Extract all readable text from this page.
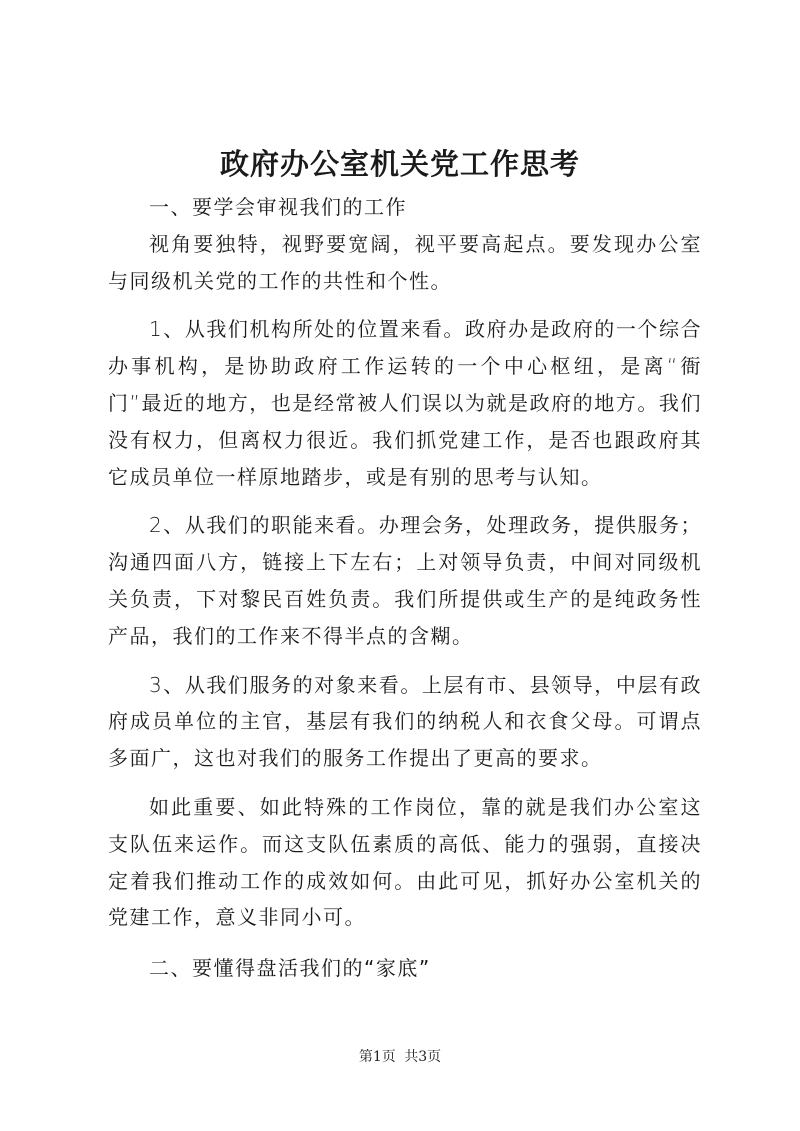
政府办公室机关党工作思考

一、要学会审视我们的工作

视角要独特，视野要宽阔，视平要高起点。要发现办公室与同级机关党的工作的共性和个性。

1、从我们机构所处的位置来看。政府办是政府的一个综合办事机构，是协助政府工作运转的一个中心枢纽，是离“衙门”最近的地方，也是经常被人们误以为就是政府的地方。我们没有权力，但离权力很近。我们抓党建工作，是否也跟政府其它成员单位一样原地踏步，或是有别的思考与认知。

2、从我们的职能来看。办理会务，处理政务，提供服务；沟通四面八方，链接上下左右；上对领导负责，中间对同级机关负责，下对黎民百姓负责。我们所提供或生产的是纯政务性产品，我们的工作来不得半点的含糊。

3、从我们服务的对象来看。上层有市、县领导，中层有政府成员单位的主官，基层有我们的纳税人和衣食父母。可谓点多面广，这也对我们的服务工作提出了更高的要求。

如此重要、如此特殊的工作岗位，靠的就是我们办公室这支队伍来运作。而这支队伍素质的高低、能力的强弱，直接决定着我们推动工作的成效如何。由此可见，抓好办公室机关的党建工作，意义非同小可。

二、要懂得盘活我们的“家底”

第1页 共3页
